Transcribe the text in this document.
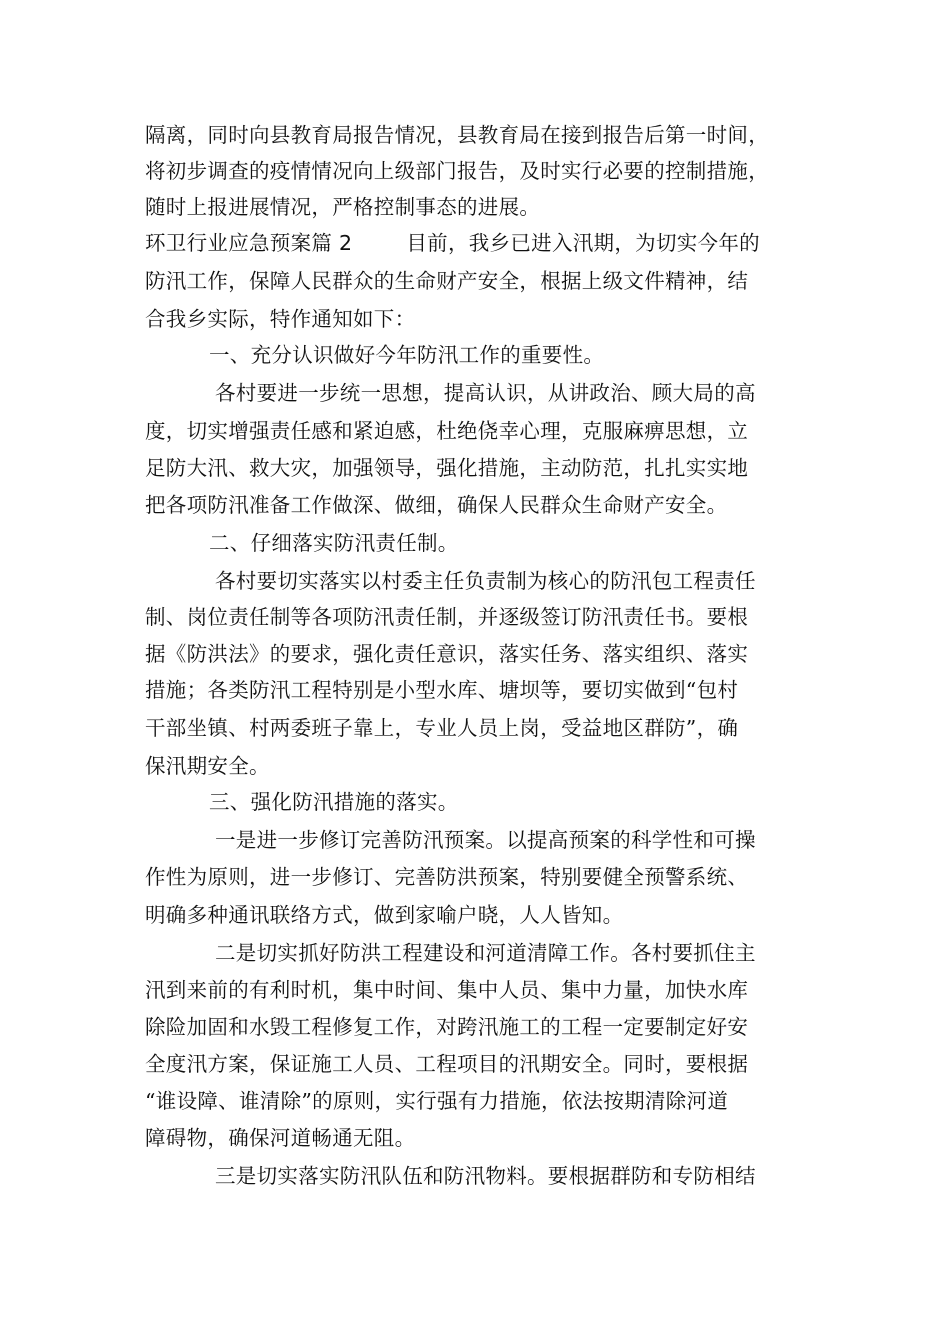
隔离，同时向县教育局报告情况，县教育局在接到报告后第一时间，
将初步调查的疫情情况向上级部门报告，及时实行必要的控制措施，
随时上报进展情况，严格控制事态的进展。
环卫行业应急预案篇 2	目前，我乡已进入汛期，为切实今年的
防汛工作，保障人民群众的生命财产安全，根据上级文件精神，结
合我乡实际，特作通知如下：
一、充分认识做好今年防汛工作的重要性。
各村要进一步统一思想，提高认识，从讲政治、顾大局的高
度，切实增强责任感和紧迫感，杜绝侥幸心理，克服麻痹思想，立
足防大汛、救大灾，加强领导，强化措施，主动防范，扎扎实实地
把各项防汛准备工作做深、做细，确保人民群众生命财产安全。
二、仔细落实防汛责任制。
各村要切实落实以村委主任负责制为核心的防汛包工程责任
制、岗位责任制等各项防汛责任制，并逐级签订防汛责任书。要根
据《防洪法》的要求，强化责任意识，落实任务、落实组织、落实
措施；各类防汛工程特别是小型水库、塘坝等，要切实做到“包村
干部坐镇、村两委班子靠上，专业人员上岗，受益地区群防”，确
保汛期安全。
三、强化防汛措施的落实。
一是进一步修订完善防汛预案。以提高预案的科学性和可操
作性为原则，进一步修订、完善防洪预案，特别要健全预警系统、
明确多种通讯联络方式，做到家喻户晓，人人皆知。
二是切实抓好防洪工程建设和河道清障工作。各村要抓住主
汛到来前的有利时机，集中时间、集中人员、集中力量，加快水库
除险加固和水毁工程修复工作，对跨汛施工的工程一定要制定好安
全度汛方案，保证施工人员、工程项目的汛期安全。同时，要根据
“谁设障、谁清除”的原则，实行强有力措施，依法按期清除河道
障碍物，确保河道畅通无阻。
三是切实落实防汛队伍和防汛物料。要根据群防和专防相结
